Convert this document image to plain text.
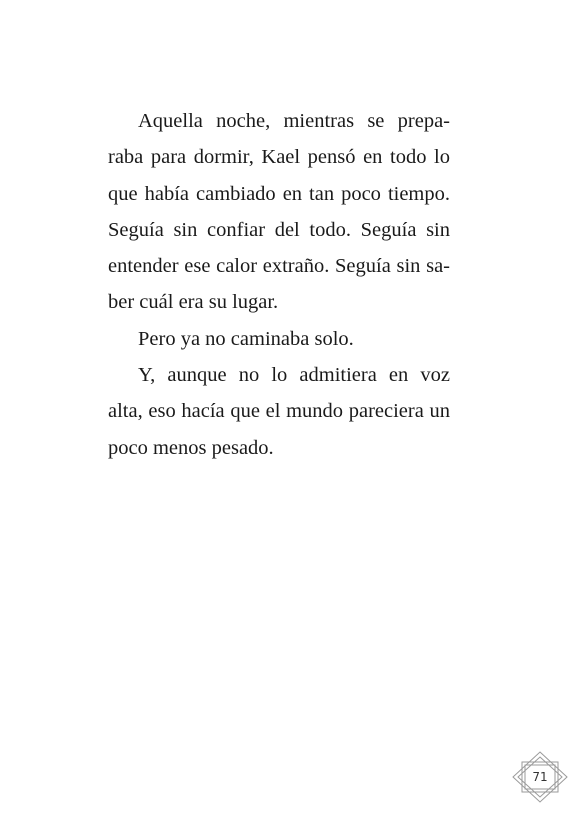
Aquella noche, mientras se prepa-
raba para dormir, Kael pensó en todo lo
que había cambiado en tan poco tiempo.
Seguía sin confiar del todo. Seguía sin
entender ese calor extraño. Seguía sin sa-
ber cuál era su lugar.
Pero ya no caminaba solo.
Y, aunque no lo admitiera en voz
alta, eso hacía que el mundo pareciera un
poco menos pesado.
71
